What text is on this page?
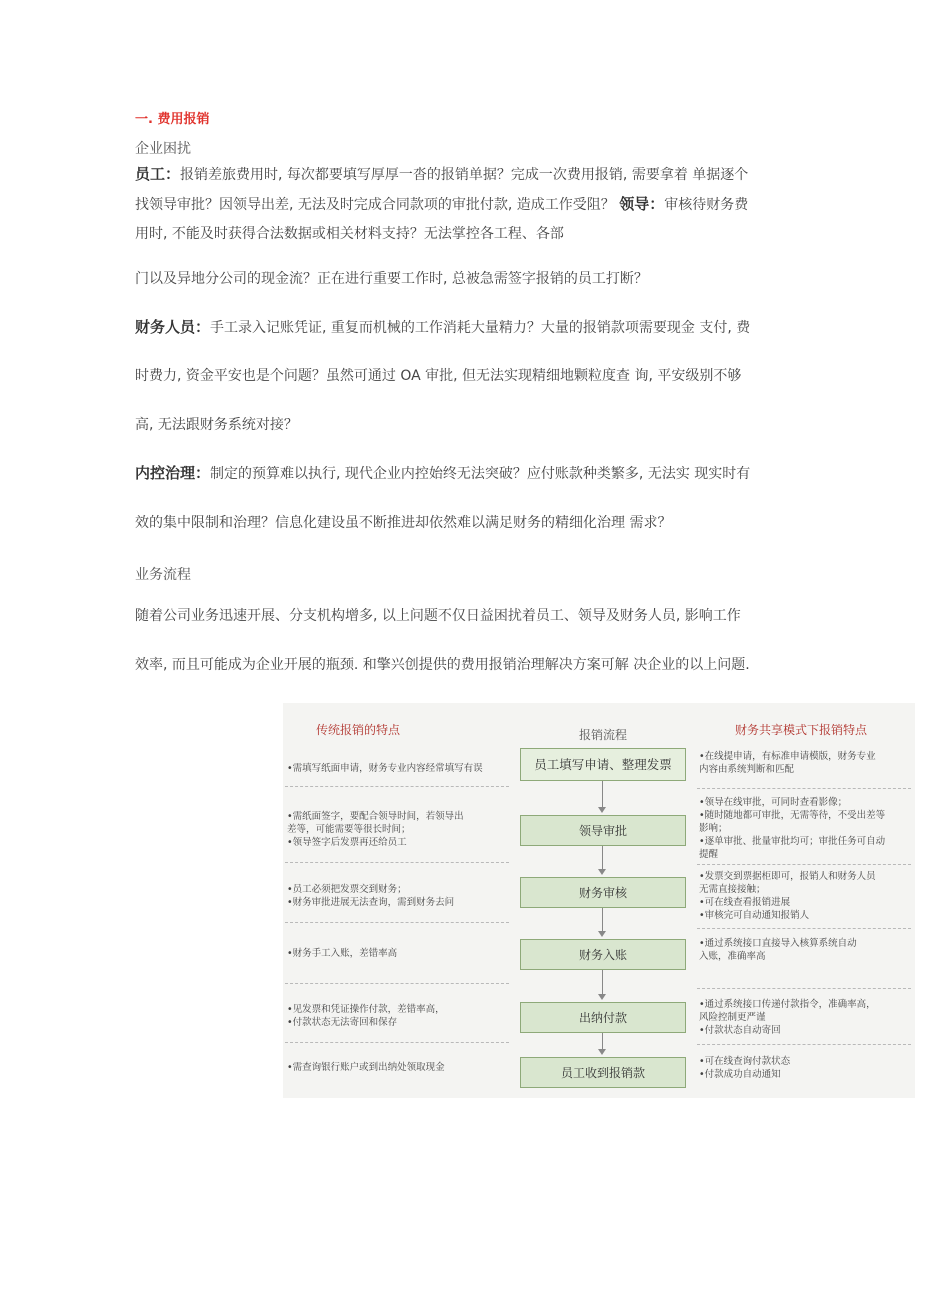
一. 费用报销
企业困扰
员工：报销差旅费用时, 每次都要填写厚厚一沓的报销单据？完成一次费用报销, 需要拿着 单据逐个
找领导审批？因领导出差, 无法及时完成合同款项的审批付款, 造成工作受阻？ 领导：审核待财务费
用时, 不能及时获得合法数据或相关材料支持？无法掌控各工程、各部
门以及异地分公司的现金流？正在进行重要工作时, 总被急需签字报销的员工打断？
财务人员：手工录入记账凭证, 重复而机械的工作消耗大量精力？大量的报销款项需要现金 支付, 费
时费力, 资金平安也是个问题？虽然可通过 OA 审批, 但无法实现精细地颗粒度查 询, 平安级别不够
高, 无法跟财务系统对接？
内控治理：制定的预算难以执行, 现代企业内控始终无法突破？应付账款种类繁多, 无法实 现实时有
效的集中限制和治理？信息化建设虽不断推进却依然难以满足财务的精细化治理 需求？
业务流程
随着公司业务迅速开展、分支机构增多, 以上问题不仅日益困扰着员工、领导及财务人员, 影响工作
效率, 而且可能成为企业开展的瓶颈. 和擎兴创提供的费用报销治理解决方案可解 决企业的以上问题.
传统报销的特点	报销流程	财务共享模式下报销特点
•需填写纸面申请，财务专业内容经常填写有误
•需纸面签字，要配合领导时间，若领导出
差等，可能需要等很长时间；
•领导签字后发票再还给员工
•员工必须把发票交到财务；
•财务审批进展无法查询，需到财务去问
•财务手工入账，差错率高
•见发票和凭证操作付款，差错率高，
•付款状态无法寄回和保存
•需查询银行账户或到出纳处领取现金
员工填写申请、整理发票
领导审批
财务审核
财务入账
出纳付款
员工收到报销款
•在线提申请，有标准申请模版，财务专业
内容由系统判断和匹配
•领导在线审批，可同时查看影像；
•随时随地都可审批，无需等待，不受出差等
影响；
•逐单审批、批量审批均可；审批任务可自动
提醒
•发票交到票据柜即可，报销人和财务人员
无需直接接触；
•可在线查看报销进展
•审核完可自动通知报销人
•通过系统接口直接导入核算系统自动
入账，准确率高
•通过系统接口传递付款指令，准确率高，
风险控制更严谨
•付款状态自动寄回
•可在线查询付款状态
•付款成功自动通知
